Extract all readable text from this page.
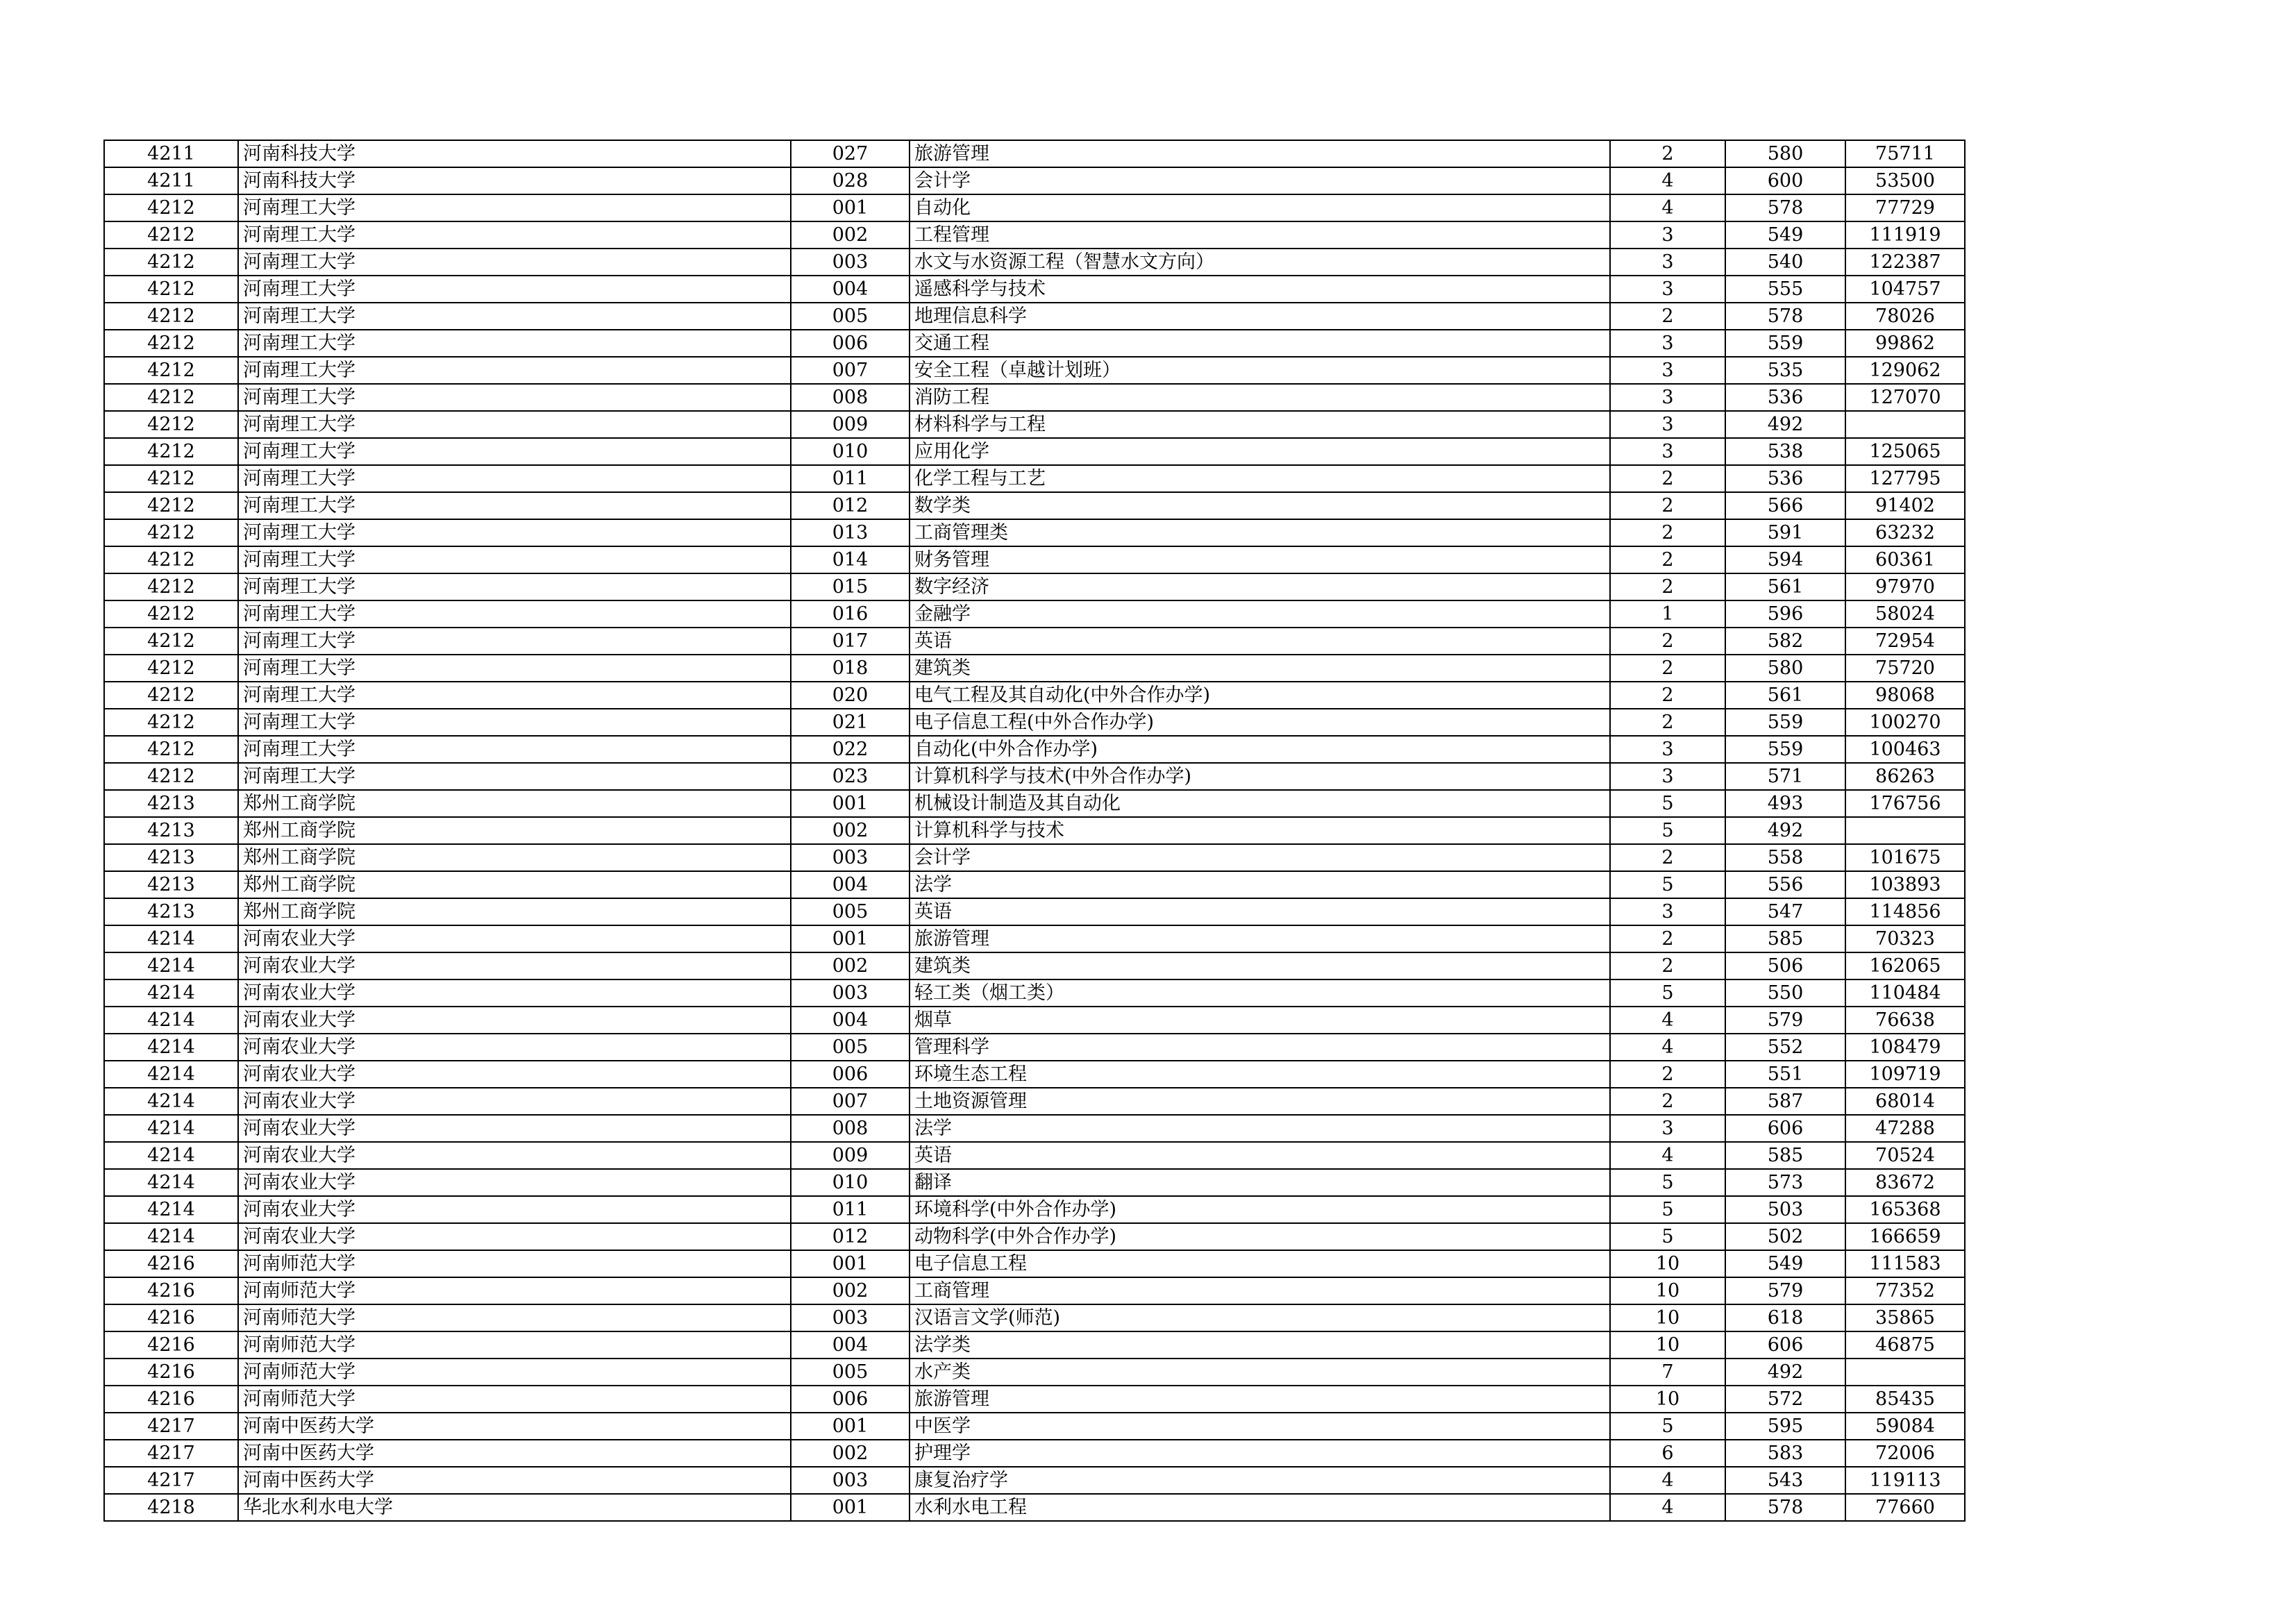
4211	河南科技大学	027	旅游管理	2	580	75711
4211	河南科技大学	028	会计学	4	600	53500
4212	河南理工大学	001	自动化	4	578	77729
4212	河南理工大学	002	工程管理	3	549	111919
4212	河南理工大学	003	水文与水资源工程（智慧水文方向）	3	540	122387
4212	河南理工大学	004	遥感科学与技术	3	555	104757
4212	河南理工大学	005	地理信息科学	2	578	78026
4212	河南理工大学	006	交通工程	3	559	99862
4212	河南理工大学	007	安全工程（卓越计划班）	3	535	129062
4212	河南理工大学	008	消防工程	3	536	127070
4212	河南理工大学	009	材料科学与工程	3	492	
4212	河南理工大学	010	应用化学	3	538	125065
4212	河南理工大学	011	化学工程与工艺	2	536	127795
4212	河南理工大学	012	数学类	2	566	91402
4212	河南理工大学	013	工商管理类	2	591	63232
4212	河南理工大学	014	财务管理	2	594	60361
4212	河南理工大学	015	数字经济	2	561	97970
4212	河南理工大学	016	金融学	1	596	58024
4212	河南理工大学	017	英语	2	582	72954
4212	河南理工大学	018	建筑类	2	580	75720
4212	河南理工大学	020	电气工程及其自动化(中外合作办学)	2	561	98068
4212	河南理工大学	021	电子信息工程(中外合作办学)	2	559	100270
4212	河南理工大学	022	自动化(中外合作办学)	3	559	100463
4212	河南理工大学	023	计算机科学与技术(中外合作办学)	3	571	86263
4213	郑州工商学院	001	机械设计制造及其自动化	5	493	176756
4213	郑州工商学院	002	计算机科学与技术	5	492	
4213	郑州工商学院	003	会计学	2	558	101675
4213	郑州工商学院	004	法学	5	556	103893
4213	郑州工商学院	005	英语	3	547	114856
4214	河南农业大学	001	旅游管理	2	585	70323
4214	河南农业大学	002	建筑类	2	506	162065
4214	河南农业大学	003	轻工类（烟工类）	5	550	110484
4214	河南农业大学	004	烟草	4	579	76638
4214	河南农业大学	005	管理科学	4	552	108479
4214	河南农业大学	006	环境生态工程	2	551	109719
4214	河南农业大学	007	土地资源管理	2	587	68014
4214	河南农业大学	008	法学	3	606	47288
4214	河南农业大学	009	英语	4	585	70524
4214	河南农业大学	010	翻译	5	573	83672
4214	河南农业大学	011	环境科学(中外合作办学)	5	503	165368
4214	河南农业大学	012	动物科学(中外合作办学)	5	502	166659
4216	河南师范大学	001	电子信息工程	10	549	111583
4216	河南师范大学	002	工商管理	10	579	77352
4216	河南师范大学	003	汉语言文学(师范)	10	618	35865
4216	河南师范大学	004	法学类	10	606	46875
4216	河南师范大学	005	水产类	7	492	
4216	河南师范大学	006	旅游管理	10	572	85435
4217	河南中医药大学	001	中医学	5	595	59084
4217	河南中医药大学	002	护理学	6	583	72006
4217	河南中医药大学	003	康复治疗学	4	543	119113
4218	华北水利水电大学	001	水利水电工程	4	578	77660
